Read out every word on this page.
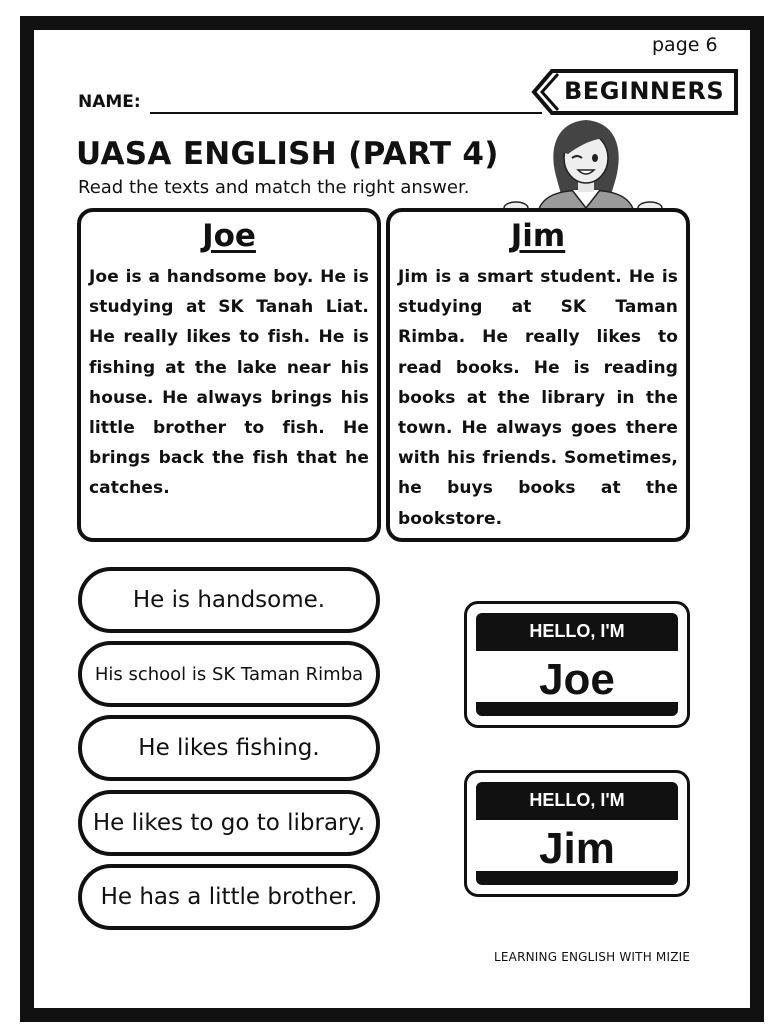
page 6
BEGINNERS
NAME:
UASA ENGLISH (PART 4)
Read the texts and match the right answer.
Joe

Joe is a handsome boy. He is studying at SK Tanah Liat. He really likes to fish. He is fishing at the lake near his house. He always brings his little brother to fish. He brings back the fish that he catches.

Jim

Jim is a smart student. He is studying at SK Taman Rimba. He really likes to read books. He is reading books at the library in the town. He always goes there with his friends. Sometimes, he buys books at the bookstore.

He is handsome.
His school is SK Taman Rimba
He likes fishing.
He likes to go to library.
He has a little brother.
HELLO, I'M
Joe
HELLO, I'M
Jim
LEARNING ENGLISH WITH MIZIE
